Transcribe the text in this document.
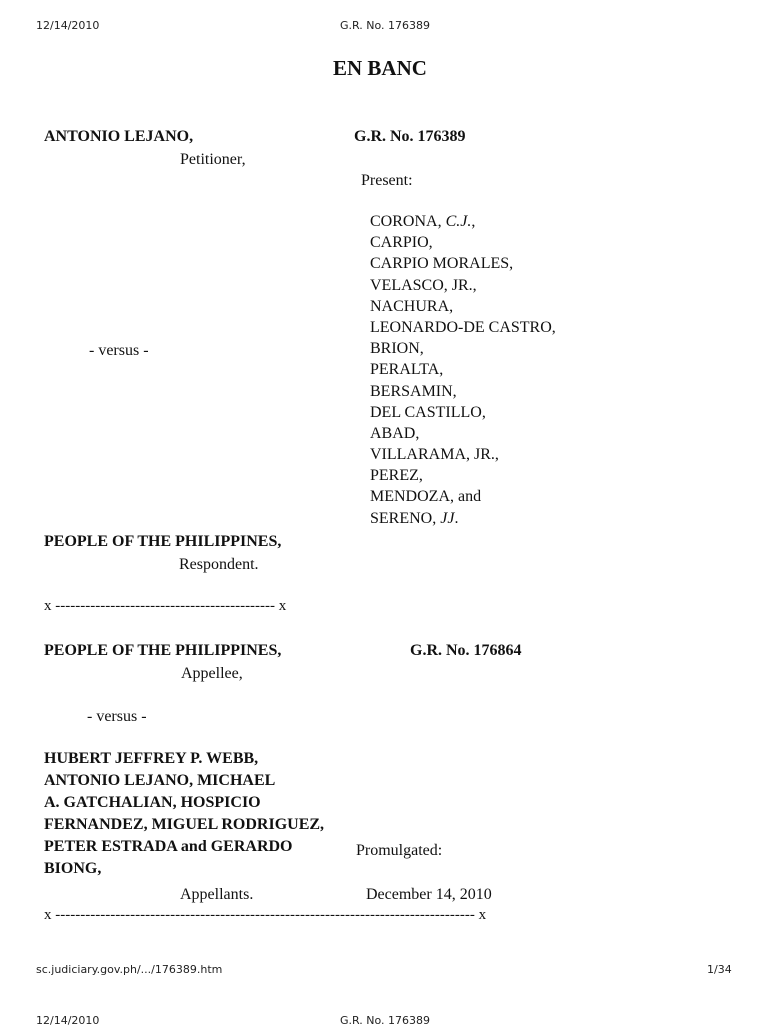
12/14/2010	G.R. No. 176389
EN BANC
ANTONIO LEJANO,	G.R. No. 176389
Petitioner,
Present:
CORONA, C.J.,
CARPIO,
CARPIO MORALES,
VELASCO, JR.,
NACHURA,
LEONARDO-DE CASTRO,
BRION,
PERALTA,
BERSAMIN,
DEL CASTILLO,
ABAD,
VILLARAMA, JR.,
PEREZ,
MENDOZA, and
SERENO, JJ.
- versus -
PEOPLE OF THE PHILIPPINES,
Respondent.
x -------------------------------------------- x
PEOPLE OF THE PHILIPPINES,	G.R. No. 176864
Appellee,
- versus -
HUBERT JEFFREY P. WEBB,
ANTONIO LEJANO, MICHAEL
A. GATCHALIAN, HOSPICIO
FERNANDEZ, MIGUEL RODRIGUEZ,
PETER ESTRADA and GERARDO
BIONG,
Promulgated:
Appellants.	December 14, 2010
x ------------------------------------------------------------------------------------ x
sc.judiciary.gov.ph/.../176389.htm	1/34
12/14/2010	G.R. No. 176389
